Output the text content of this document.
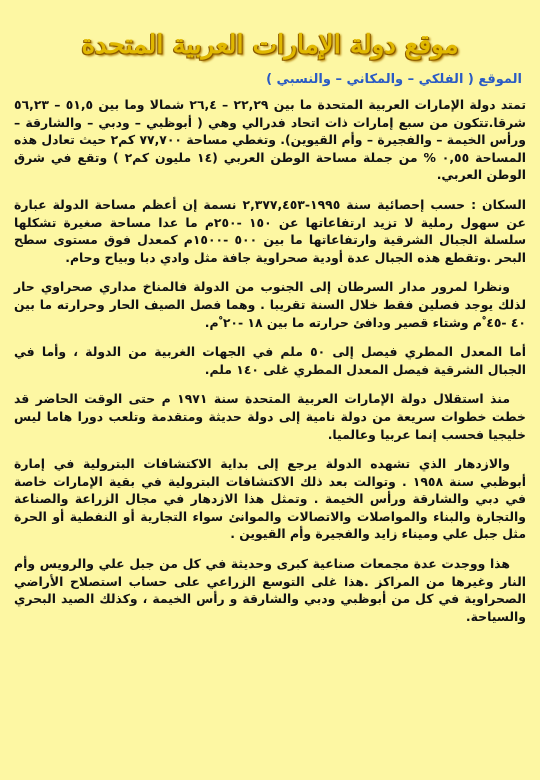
موقع دولة الإمارات العربية المتحدة
الموقع ( الفلكي – والمكاني – والنسبي )

تمتد دولة الإمارات العربية المتحدة ما بين ٢٢,٢٩ – ٢٦,٤ شمالا وما بين ٥١,٥ – ٥٦,٢٣ شرقا.تتكون من سبع إمارات ذات اتحاد فدرالي وهي ( أبوظبي – ودبي – والشارقة – ورأس الخيمة – والفجيرة – وأم القيوين). وتغطي مساحة ٧٧,٧٠٠ كم٢ حيث تعادل هذه المساحة ٠,٥٥ % من جملة مساحة الوطن العربي (١٤ مليون كم٢ ) وتقع في شرق الوطن العربي.

السكان : حسب إحصائية سنة ١٩٩٥-٢,٣٧٧,٤٥٣ نسمة إن أعظم مساحة الدولة عبارة عن سهول رملية لا تزيد ارتفاعاتها عن ١٥٠ -٢٥٠م ما عدا مساحة صغيرة تشكلها سلسلة الجبال الشرقية وارتفاعاتها ما بين ٥٠٠ -١٥٠٠م كمعدل فوق مستوى سطح البحر .وتقطع هذه الجبال عدة أودية صحراوية جافة مثل وادي دبا وبياح وحام.

ونظرا لمرور مدار السرطان إلى الجنوب من الدولة فالمناخ مداري صحراوي حار لذلك يوجد فصلين فقط خلال السنة تقريبا . وهما فصل الصيف الحار وحرارته ما بين ٤٠ -٤٥ ْم وشتاء قصير ودافئ حرارته ما بين ١٨ -٢٠ ْم.

أما المعدل المطري فيصل إلى ٥٠ ملم في الجهات الغربية من الدولة ، وأما في الجبال الشرقية فيصل المعدل المطري غلى ١٤٠ ملم.

منذ استقلال دولة الإمارات العربية المتحدة سنة ١٩٧١ م حتى الوقت الحاضر قد خطت خطوات سريعة من دولة نامية إلى دولة حديثة ومتقدمة وتلعب دورا هاما ليس خليجيا فحسب إنما عربيا وعالميا.

والازدهار الذي تشهده الدولة يرجع إلى بداية الاكتشافات البترولية في إمارة أبوظبي سنة ١٩٥٨ . وتوالت بعد ذلك الاكتشافات البترولية في بقية الإمارات خاصة في دبي والشارقة ورأس الخيمة . وتمثل هذا الازدهار في مجال الزراعة والصناعة والتجارة والبناء والمواصلات والاتصالات والموانئ سواء التجارية أو النفطية أو الحرة مثل جبل علي وميناء زايد والفجيرة وأم القيوين .

هذا ووجدت عدة مجمعات صناعية كبرى وحديثة في كل من جبل علي والرويس وأم النار وغيرها من المراكز .هذا غلى التوسع الزراعي على حساب استصلاح الأراضي الصحراوية في كل من أبوظبي ودبي والشارقة و رأس الخيمة ، وكذلك الصيد البحري والسياحة.
